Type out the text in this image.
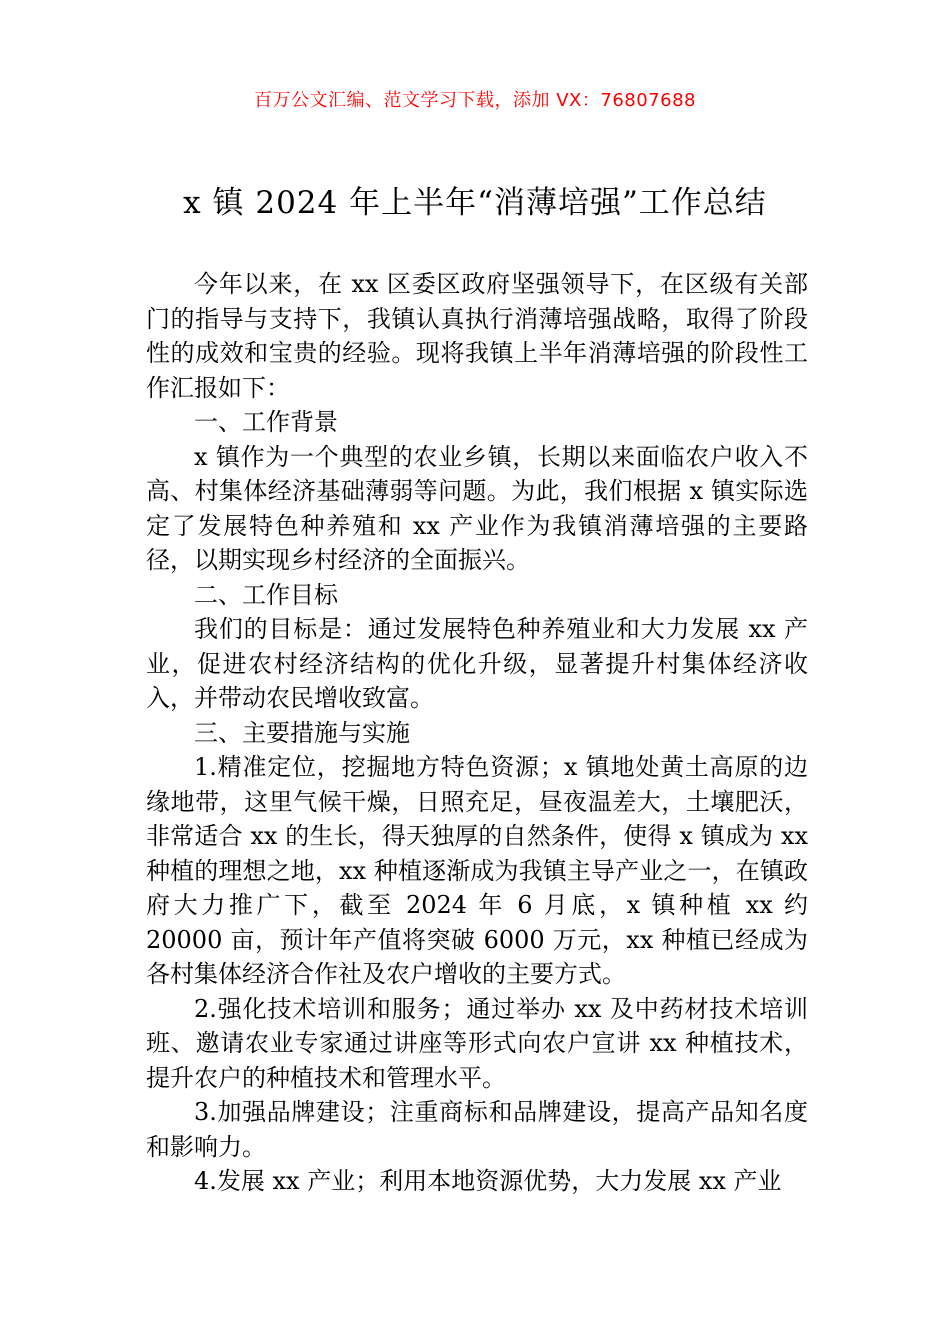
百万公文汇编、范文学习下载，添加 VX：76807688
x 镇 2024 年上半年“消薄培强”工作总结

今年以来，在 xx 区委区政府坚强领导下，在区级有关部门的指导与支持下，我镇认真执行消薄培强战略，取得了阶段性的成效和宝贵的经验。现将我镇上半年消薄培强的阶段性工作汇报如下：

一、工作背景

x 镇作为一个典型的农业乡镇，长期以来面临农户收入不高、村集体经济基础薄弱等问题。为此，我们根据 x 镇实际选定了发展特色种养殖和 xx 产业作为我镇消薄培强的主要路径，以期实现乡村经济的全面振兴。

二、工作目标

我们的目标是：通过发展特色种养殖业和大力发展 xx 产业，促进农村经济结构的优化升级，显著提升村集体经济收入，并带动农民增收致富。

三、主要措施与实施

1.精准定位，挖掘地方特色资源；x 镇地处黄土高原的边缘地带，这里气候干燥，日照充足，昼夜温差大，土壤肥沃，非常适合 xx 的生长，得天独厚的自然条件，使得 x 镇成为 xx 种植的理想之地，xx 种植逐渐成为我镇主导产业之一，在镇政府大力推广下，截至 2024 年 6 月底，x 镇种植 xx 约 20000 亩，预计年产值将突破 6000 万元，xx 种植已经成为各村集体经济合作社及农户增收的主要方式。

2.强化技术培训和服务；通过举办 xx 及中药材技术培训班、邀请农业专家通过讲座等形式向农户宣讲 xx 种植技术，提升农户的种植技术和管理水平。

3.加强品牌建设；注重商标和品牌建设，提高产品知名度和影响力。

4.发展 xx 产业；利用本地资源优势，大力发展 xx 产业
